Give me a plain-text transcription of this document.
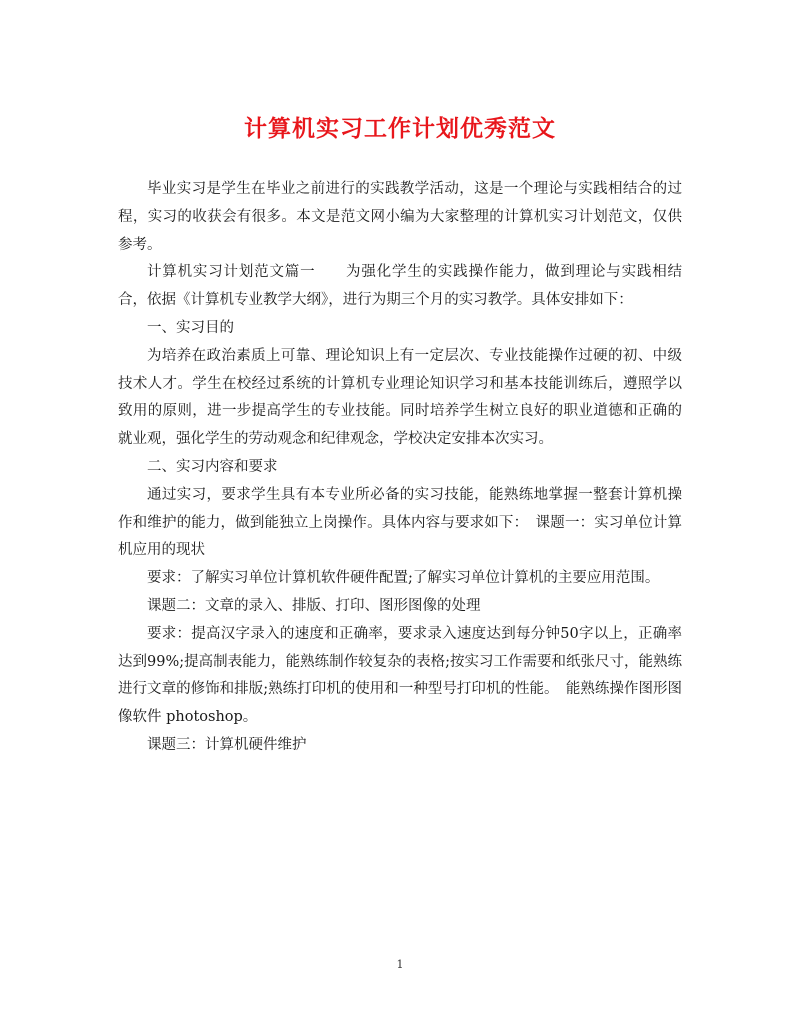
计算机实习工作计划优秀范文

毕业实习是学生在毕业之前进行的实践教学活动，这是一个理论与实践相结合的过程，实习的收获会有很多。本文是范文网小编为大家整理的计算机实习计划范文，仅供参考。

计算机实习计划范文篇一　　为强化学生的实践操作能力，做到理论与实践相结合，依据《计算机专业教学大纲》，进行为期三个月的实习教学。具体安排如下：

一、实习目的

为培养在政治素质上可靠、理论知识上有一定层次、专业技能操作过硬的初、中级技术人才。学生在校经过系统的计算机专业理论知识学习和基本技能训练后，遵照学以致用的原则，进一步提高学生的专业技能。同时培养学生树立良好的职业道德和正确的就业观，强化学生的劳动观念和纪律观念，学校决定安排本次实习。

二、实习内容和要求

通过实习，要求学生具有本专业所必备的实习技能，能熟练地掌握一整套计算机操作和维护的能力，做到能独立上岗操作。具体内容与要求如下：　课题一：实习单位计算机应用的现状

要求：了解实习单位计算机软件硬件配置;了解实习单位计算机的主要应用范围。

课题二：文章的录入、排版、打印、图形图像的处理

要求：提高汉字录入的速度和正确率，要求录入速度达到每分钟50字以上，正确率达到99%;提高制表能力，能熟练制作较复杂的表格;按实习工作需要和纸张尺寸，能熟练进行文章的修饰和排版;熟练打印机的使用和一种型号打印机的性能。　能熟练操作图形图像软件 photoshop。

课题三：计算机硬件维护

1
